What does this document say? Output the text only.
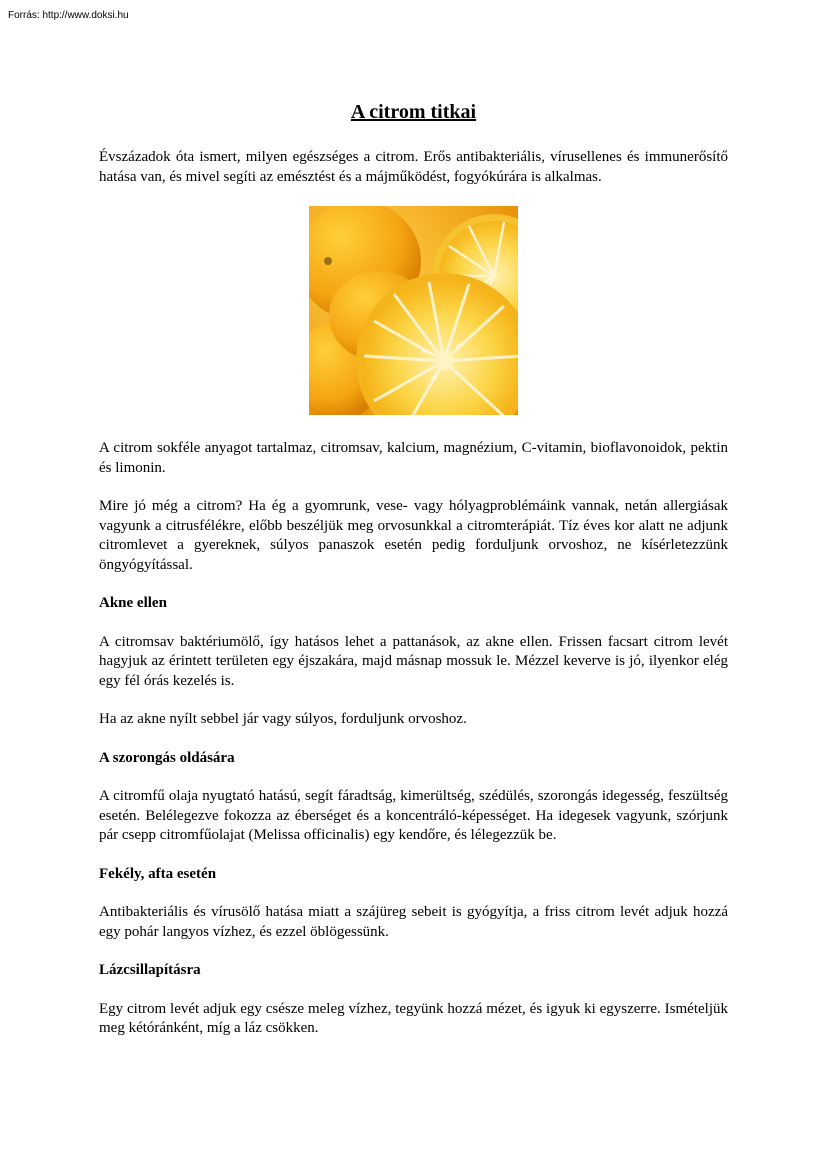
Forrás: http://www.doksi.hu
A citrom titkai

Évszázadok óta ismert, milyen egészséges a citrom. Erős antibakteriális, vírusellenes és immunerősítő hatása van, és mivel segíti az emésztést és a májműködést, fogyókúrára is alkalmas.

A citrom sokféle anyagot tartalmaz, citromsav, kalcium, magnézium, C-vitamin, bioflavonoidok, pektin és limonin.

Mire jó még a citrom? Ha ég a gyomrunk, vese- vagy hólyagproblémáink vannak, netán allergiásak vagyunk a citrusfélékre, előbb beszéljük meg orvosunkkal a citromterápiát. Tíz éves kor alatt ne adjunk citromlevet a gyereknek, súlyos panaszok esetén pedig forduljunk orvoshoz, ne kísérletezzünk öngyógyítással.

Akne ellen

A citromsav baktériumölő, így hatásos lehet a pattanások, az akne ellen. Frissen facsart citrom levét hagyjuk az érintett területen egy éjszakára, majd másnap mossuk le. Mézzel keverve is jó, ilyenkor elég egy fél órás kezelés is.

Ha az akne nyílt sebbel jár vagy súlyos, forduljunk orvoshoz.

A szorongás oldására

A citromfű olaja nyugtató hatású, segít fáradtság, kimerültség, szédülés, szorongás idegesség, feszültség esetén. Belélegezve fokozza az éberséget és a koncentráló-képességet. Ha idegesek vagyunk, szórjunk pár csepp citromfűolajat (Melissa officinalis) egy kendőre, és lélegezzük be.

Fekély, afta esetén

Antibakteriális és vírusölő hatása miatt a szájüreg sebeit is gyógyítja, a friss citrom levét adjuk hozzá egy pohár langyos vízhez, és ezzel öblögessünk.

Lázcsillapításra

Egy citrom levét adjuk egy csésze meleg vízhez, tegyünk hozzá mézet, és igyuk ki egyszerre. Ismételjük meg kétóránként, míg a láz csökken.
